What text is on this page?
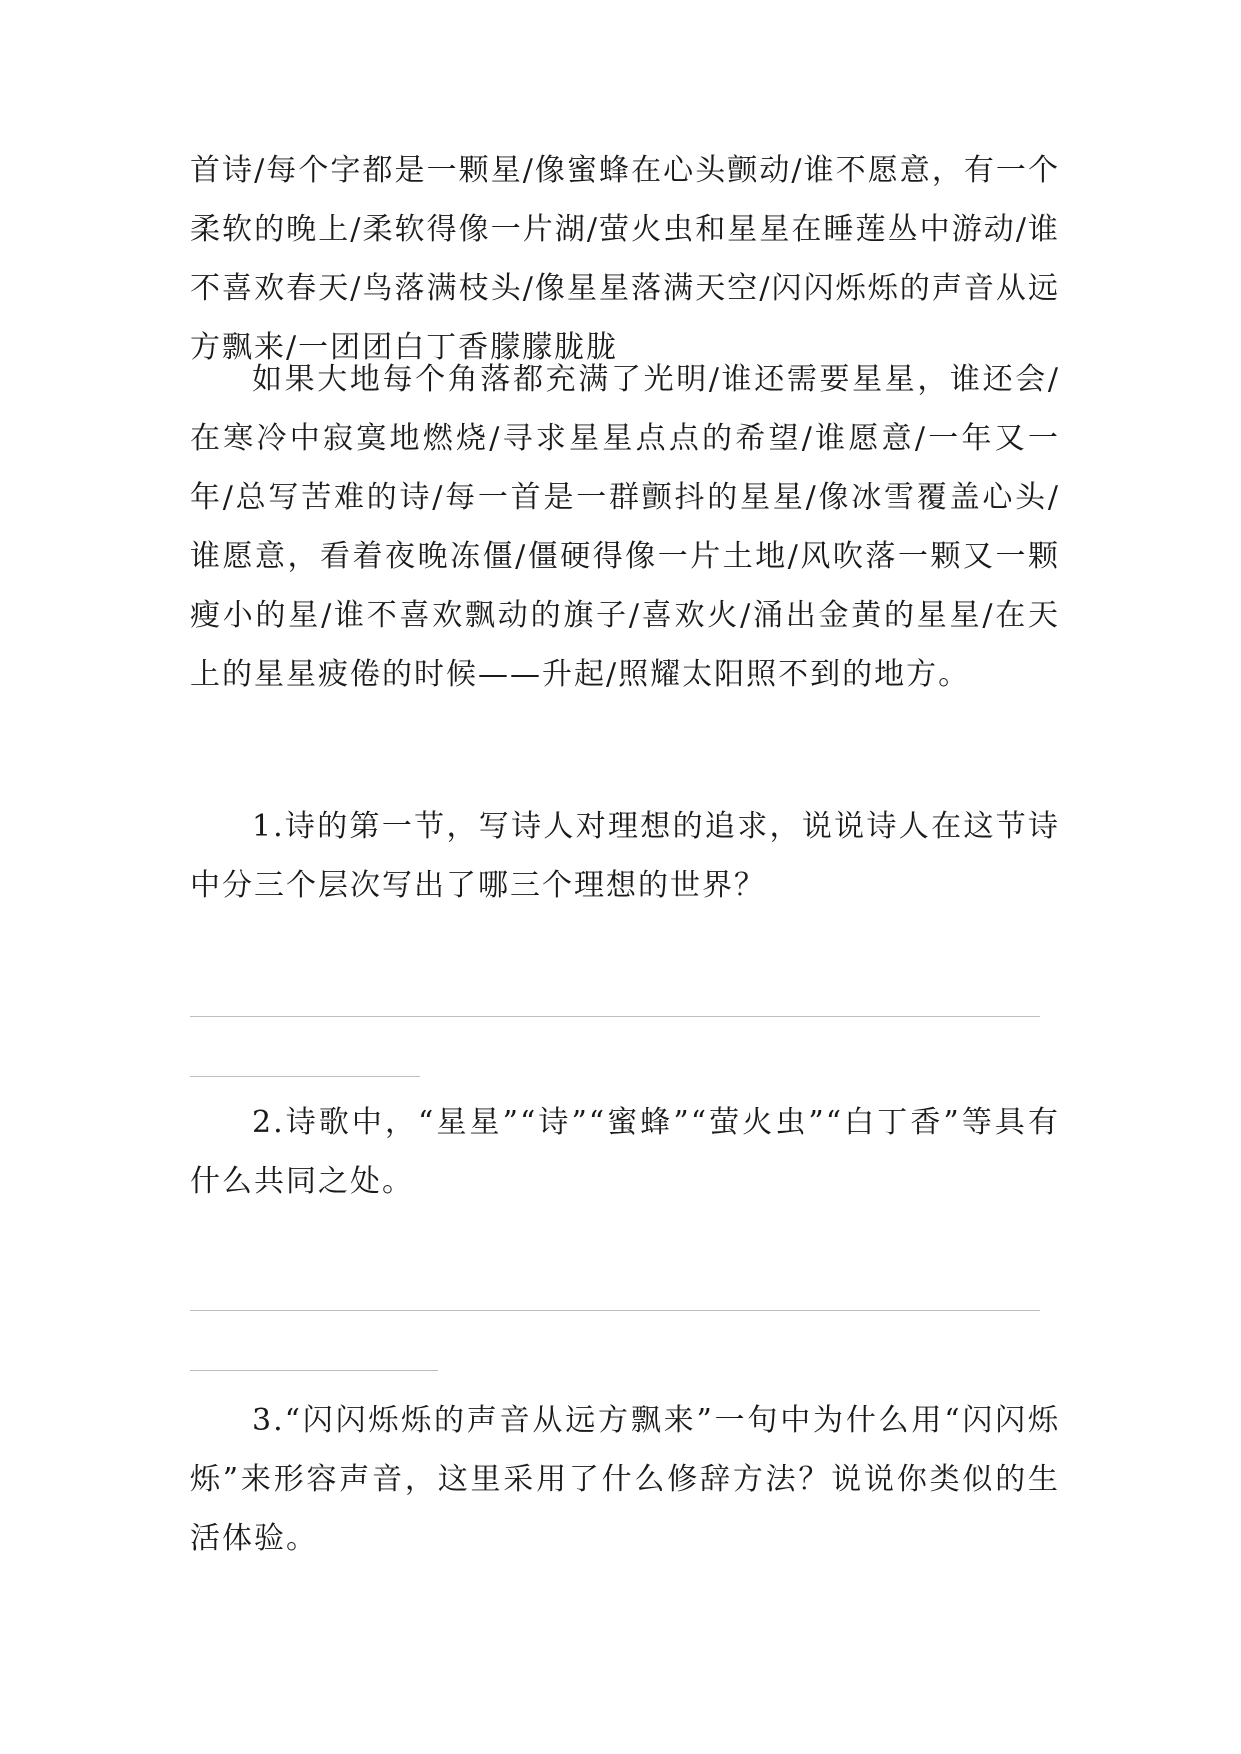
首诗/每个字都是一颗星/像蜜蜂在心头颤动/谁不愿意，有一个柔软的晚上/柔软得像一片湖/萤火虫和星星在睡莲丛中游动/谁不喜欢春天/鸟落满枝头/像星星落满天空/闪闪烁烁的声音从远方飘来/一团团白丁香朦朦胧胧

如果大地每个角落都充满了光明/谁还需要星星，谁还会/在寒冷中寂寞地燃烧/寻求星星点点的希望/谁愿意/一年又一年/总写苦难的诗/每一首是一群颤抖的星星/像冰雪覆盖心头/谁愿意，看着夜晚冻僵/僵硬得像一片土地/风吹落一颗又一颗瘦小的星/谁不喜欢飘动的旗子/喜欢火/涌出金黄的星星/在天上的星星疲倦的时候——升起/照耀太阳照不到的地方。

1.诗的第一节，写诗人对理想的追求，说说诗人在这节诗中分三个层次写出了哪三个理想的世界？

2.诗歌中，“星星”“诗”“蜜蜂”“萤火虫”“白丁香”等具有什么共同之处。

3.“闪闪烁烁的声音从远方飘来”一句中为什么用“闪闪烁烁”来形容声音，这里采用了什么修辞方法？说说你类似的生活体验。
